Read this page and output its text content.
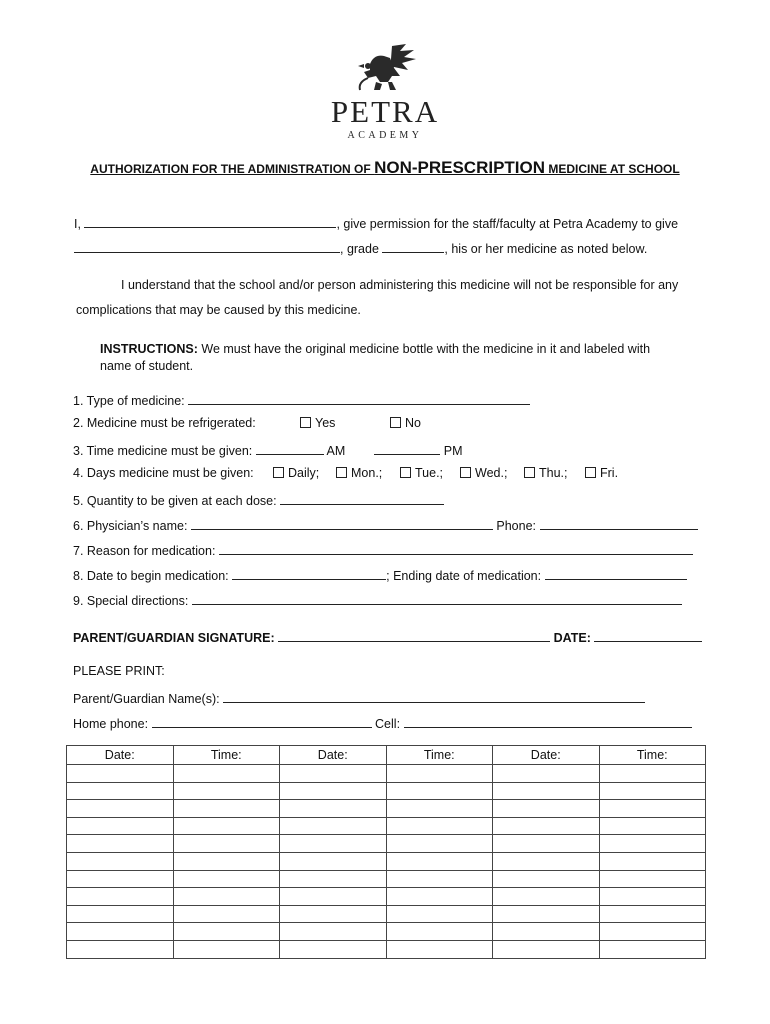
PETRA
ACADEMY
AUTHORIZATION FOR THE ADMINISTRATION OF NON-PRESCRIPTION MEDICINE AT SCHOOL
I,	, give permission for the staff/faculty at Petra Academy to give
, grade	, his or her medicine as noted below.
I understand that the school and/or person administering this medicine will not be responsible for any
complications that may be caused by this medicine.
INSTRUCTIONS: We must have the original medicine bottle with the medicine in it and labeled with
name of student.
1. Type of medicine:
2. Medicine must be refrigerated:	Yes	No
3. Time medicine must be given:	AM	PM
4. Days medicine must be given:	Daily;	Mon.;	Tue.;	Wed.;	Thu.;	Fri.
5. Quantity to be given at each dose:
6. Physician’s name:	Phone:
7. Reason for medication:
8. Date to begin medication:	; Ending date of medication:
9. Special directions:
PARENT/GUARDIAN SIGNATURE:	DATE:
PLEASE PRINT:
Parent/Guardian Name(s):
Home phone:	Cell:
Date:	Time:	Date:	Time:	Date:	Time:
